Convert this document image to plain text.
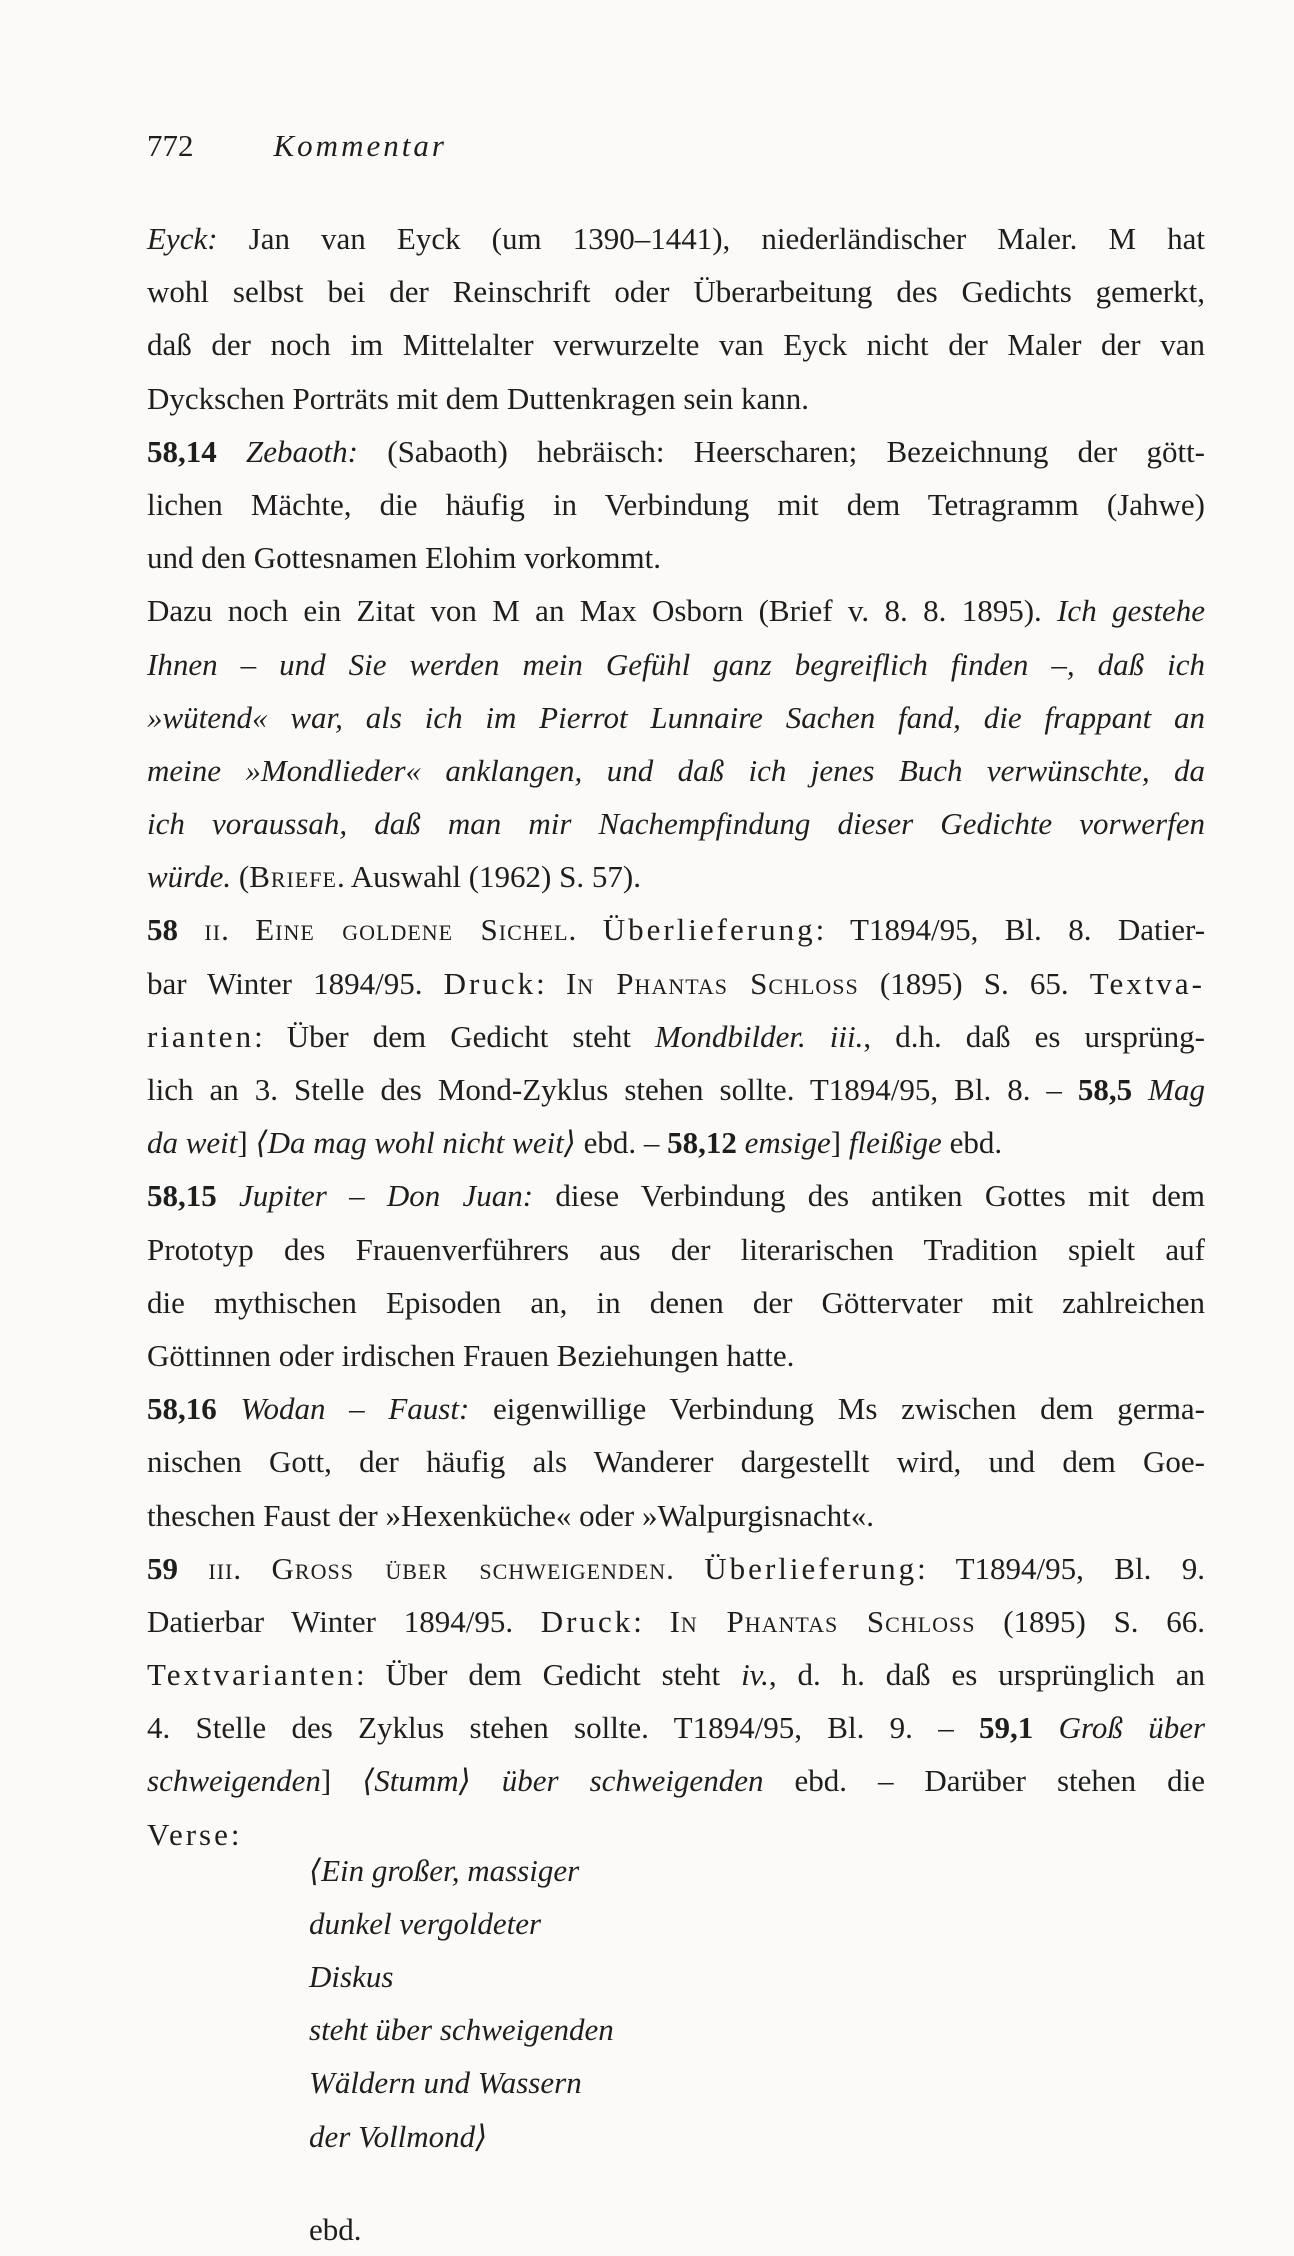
772	Kommentar
Eyck: Jan van Eyck (um 1390–1441), niederländischer Maler. M hat
wohl selbst bei der Reinschrift oder Überarbeitung des Gedichts gemerkt,
daß der noch im Mittelalter verwurzelte van Eyck nicht der Maler der van
Dyckschen Porträts mit dem Duttenkragen sein kann.
58,14 Zebaoth: (Sabaoth) hebräisch: Heerscharen; Bezeichnung der gött-
lichen Mächte, die häufig in Verbindung mit dem Tetragramm (Jahwe)
und den Gottesnamen Elohim vorkommt.
Dazu noch ein Zitat von M an Max Osborn (Brief v. 8. 8. 1895). Ich gestehe
Ihnen – und Sie werden mein Gefühl ganz begreiflich finden –, daß ich
»wütend« war, als ich im Pierrot Lunnaire Sachen fand, die frappant an
meine »Mondlieder« anklangen, und daß ich jenes Buch verwünschte, da
ich voraussah, daß man mir Nachempfindung dieser Gedichte vorwerfen
würde. (Briefe. Auswahl (1962) S. 57).
58 ii. Eine goldene Sichel. Überlieferung: T1894/95, Bl. 8. Datier-
bar Winter 1894/95. Druck: In Phantas Schloss (1895) S. 65. Textva-
rianten: Über dem Gedicht steht Mondbilder. iii., d.h. daß es ursprüng-
lich an 3. Stelle des Mond-Zyklus stehen sollte. T1894/95, Bl. 8. – 58,5 Mag
da weit] ⟨Da mag wohl nicht weit⟩ ebd. – 58,12 emsige] fleißige ebd.
58,15 Jupiter – Don Juan: diese Verbindung des antiken Gottes mit dem
Prototyp des Frauenverführers aus der literarischen Tradition spielt auf
die mythischen Episoden an, in denen der Göttervater mit zahlreichen
Göttinnen oder irdischen Frauen Beziehungen hatte.
58,16 Wodan – Faust: eigenwillige Verbindung Ms zwischen dem germa-
nischen Gott, der häufig als Wanderer dargestellt wird, und dem Goe-
theschen Faust der »Hexenküche« oder »Walpurgisnacht«.
59 iii. Gross über schweigenden. Überlieferung: T1894/95, Bl. 9.
Datierbar Winter 1894/95. Druck: In Phantas Schloss (1895) S. 66.
Textvarianten: Über dem Gedicht steht iv., d. h. daß es ursprünglich an
4. Stelle des Zyklus stehen sollte. T1894/95, Bl. 9. – 59,1 Groß über
schweigenden] ⟨Stumm⟩ über schweigenden ebd. – Darüber stehen die
Verse:
⟨Ein großer, massiger
dunkel vergoldeter
Diskus
steht über schweigenden
Wäldern und Wassern
der Vollmond⟩
ebd.
